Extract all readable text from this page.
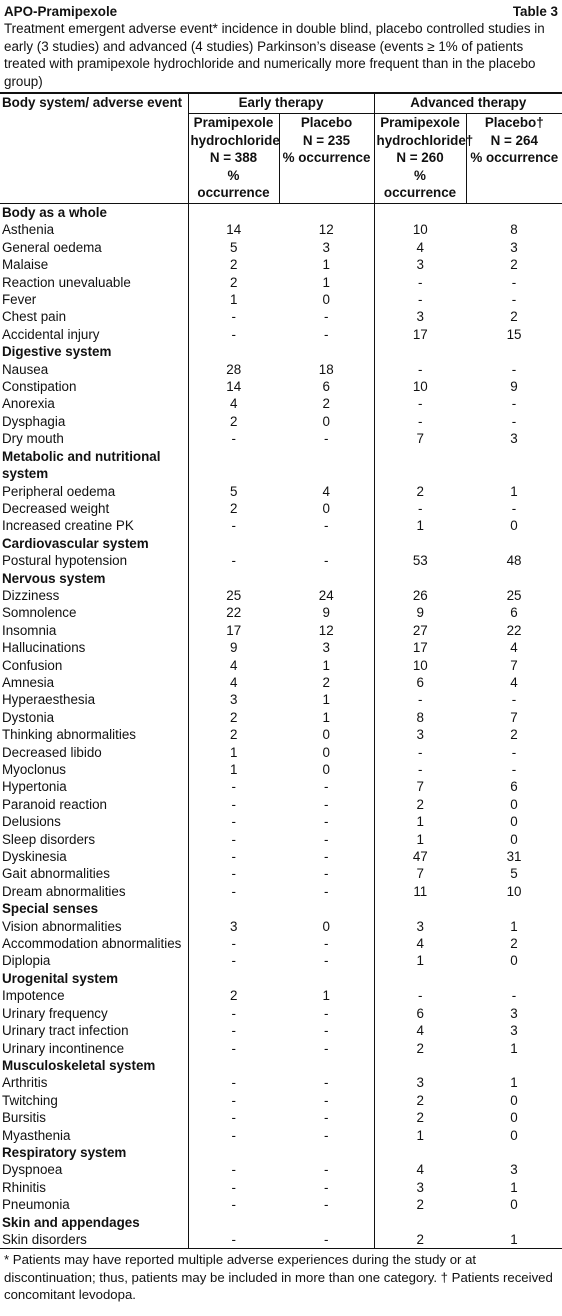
APO-Pramipexole	Table 3
Treatment emergent adverse event* incidence in double blind, placebo controlled studies in early (3 studies) and advanced (4 studies) Parkinson’s disease (events ≥ 1% of patients treated with pramipexole hydrochloride and numerically more frequent than in the placebo group)
Body system/ adverse event	Early therapy		Advanced therapy	

	Pramipexole
hydrochloride
N = 388
% occurrence	Placebo
N = 235
% occurrence	Pramipexole
hydrochloride†
N = 260
% occurrence	Placebo†
N = 264
% occurrence

Body as a whole				
Asthenia	14	12	10	8
General oedema	5	3	4	3
Malaise	2	1	3	2
Reaction unevaluable	2	1	-	-
Fever	1	0	-	-
Chest pain	-	-	3	2
Accidental injury	-	-	17	15
Digestive system				
Nausea	28	18	-	-
Constipation	14	6	10	9
Anorexia	4	2	-	-
Dysphagia	2	0	-	-
Dry mouth	-	-	7	3
Metabolic and nutritional system				
Peripheral oedema	5	4	2	1
Decreased weight	2	0	-	-
Increased creatine PK	-	-	1	0
Cardiovascular system				
Postural hypotension	-	-	53	48
Nervous system				
Dizziness	25	24	26	25
Somnolence	22	9	9	6
Insomnia	17	12	27	22
Hallucinations	9	3	17	4
Confusion	4	1	10	7
Amnesia	4	2	6	4
Hyperaesthesia	3	1	-	-
Dystonia	2	1	8	7
Thinking abnormalities	2	0	3	2
Decreased libido	1	0	-	-
Myoclonus	1	0	-	-
Hypertonia	-	-	7	6
Paranoid reaction	-	-	2	0
Delusions	-	-	1	0
Sleep disorders	-	-	1	0
Dyskinesia	-	-	47	31
Gait abnormalities	-	-	7	5
Dream abnormalities	-	-	11	10
Special senses				
Vision abnormalities	3	0	3	1
Accommodation abnormalities	-	-	4	2
Diplopia	-	-	1	0
Urogenital system				
Impotence	2	1	-	-
Urinary frequency	-	-	6	3
Urinary tract infection	-	-	4	3
Urinary incontinence	-	-	2	1
Musculoskeletal system				
Arthritis	-	-	3	1
Twitching	-	-	2	0
Bursitis	-	-	2	0
Myasthenia	-	-	1	0
Respiratory system				
Dyspnoea	-	-	4	3
Rhinitis	-	-	3	1
Pneumonia	-	-	2	0
Skin and appendages				
Skin disorders	-	-	2	1
* Patients may have reported multiple adverse experiences during the study or at discontinuation; thus, patients may be included in more than one category. † Patients received concomitant levodopa.
